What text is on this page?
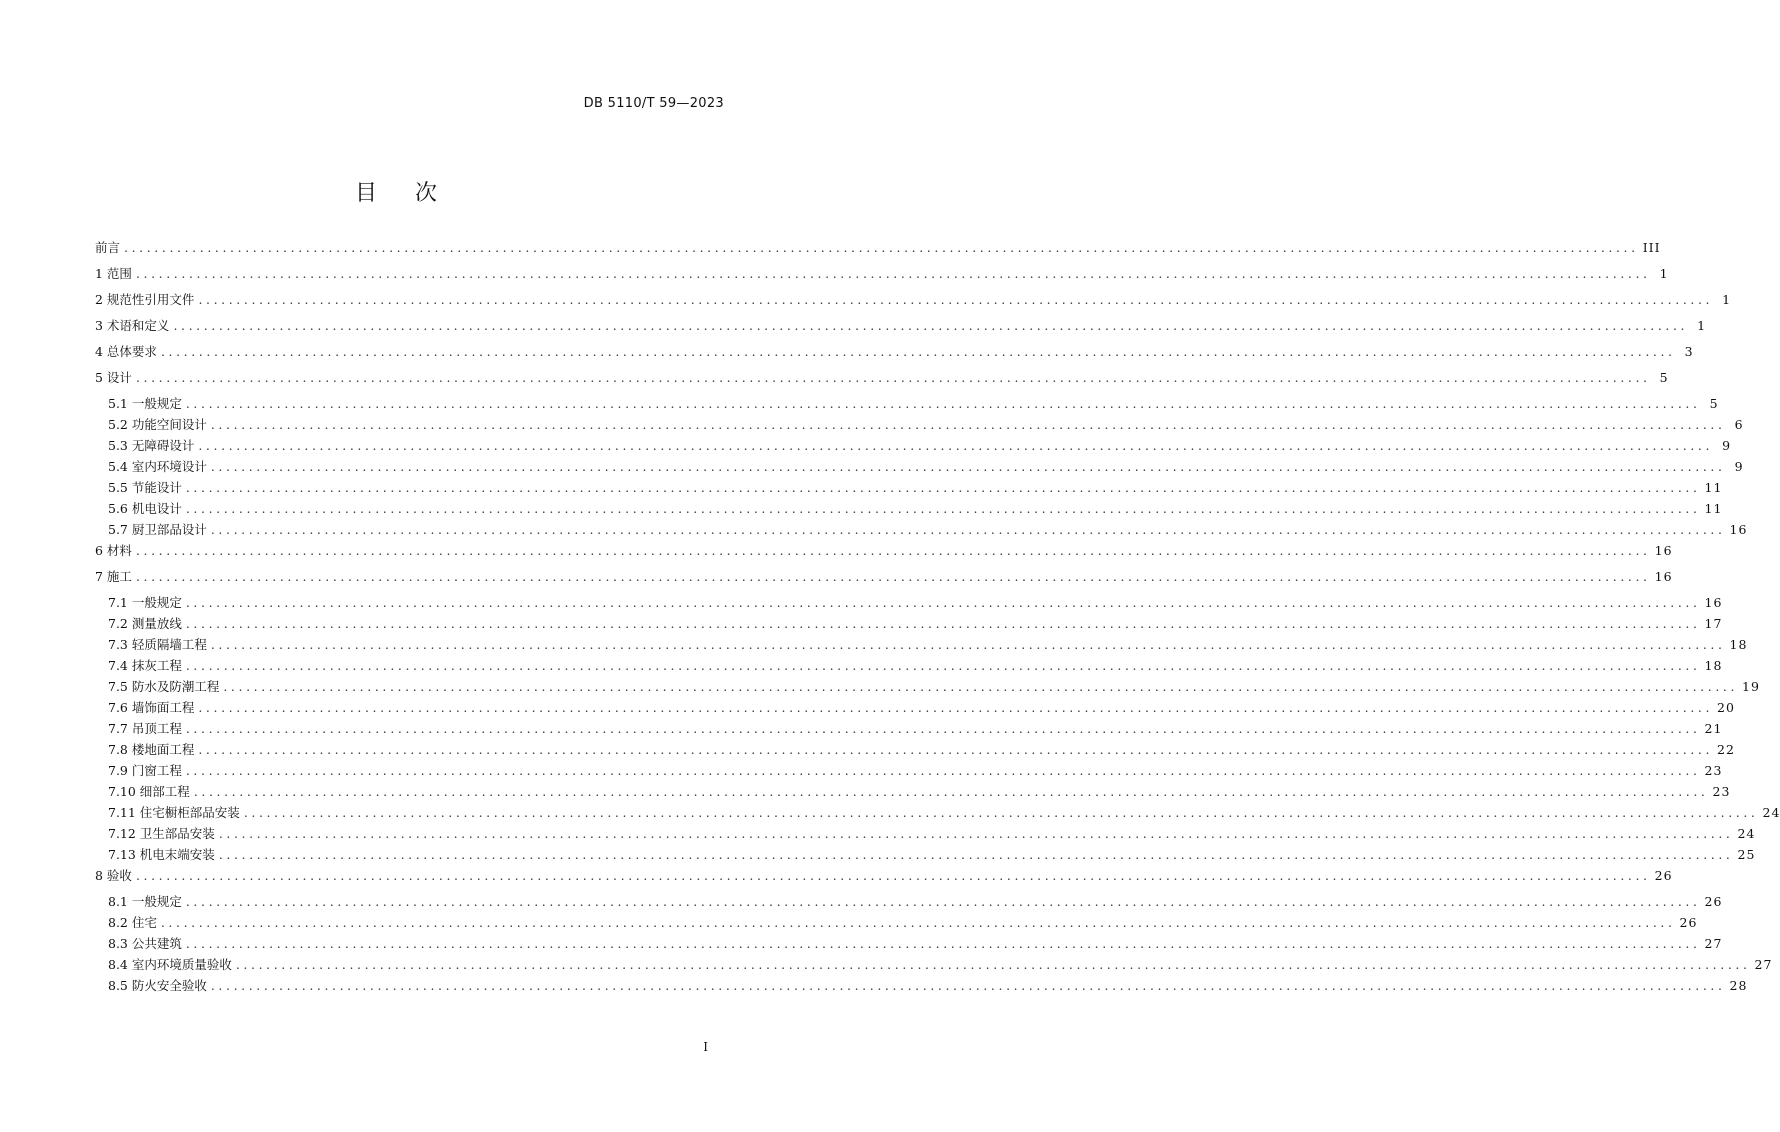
DB 5110/T 59—2023
目　次
前言 ........................................................................................................................................................................................................ III
1 范围 ........................................................................................................................................................................................................ 1
2 规范性引用文件 ........................................................................................................................................................................................................ 1
3 术语和定义 ........................................................................................................................................................................................................ 1
4 总体要求 ........................................................................................................................................................................................................ 3
5 设计 ........................................................................................................................................................................................................ 5
5.1 一般规定 ........................................................................................................................................................................................................ 5
5.2 功能空间设计 ........................................................................................................................................................................................................ 6
5.3 无障碍设计 ........................................................................................................................................................................................................ 9
5.4 室内环境设计 ........................................................................................................................................................................................................ 9
5.5 节能设计 ........................................................................................................................................................................................................ 11
5.6 机电设计 ........................................................................................................................................................................................................ 11
5.7 厨卫部品设计 ........................................................................................................................................................................................................ 16
6 材料 ........................................................................................................................................................................................................ 16
7 施工 ........................................................................................................................................................................................................ 16
7.1 一般规定 ........................................................................................................................................................................................................ 16
7.2 测量放线 ........................................................................................................................................................................................................ 17
7.3 轻质隔墙工程 ........................................................................................................................................................................................................ 18
7.4 抹灰工程 ........................................................................................................................................................................................................ 18
7.5 防水及防潮工程 ........................................................................................................................................................................................................ 19
7.6 墙饰面工程 ........................................................................................................................................................................................................ 20
7.7 吊顶工程 ........................................................................................................................................................................................................ 21
7.8 楼地面工程 ........................................................................................................................................................................................................ 22
7.9 门窗工程 ........................................................................................................................................................................................................ 23
7.10 细部工程 ........................................................................................................................................................................................................ 23
7.11 住宅橱柜部品安装 ........................................................................................................................................................................................................ 24
7.12 卫生部品安装 ........................................................................................................................................................................................................ 24
7.13 机电末端安装 ........................................................................................................................................................................................................ 25
8 验收 ........................................................................................................................................................................................................ 26
8.1 一般规定 ........................................................................................................................................................................................................ 26
8.2 住宅 ........................................................................................................................................................................................................ 26
8.3 公共建筑 ........................................................................................................................................................................................................ 27
8.4 室内环境质量验收 ........................................................................................................................................................................................................ 27
8.5 防火安全验收 ........................................................................................................................................................................................................ 28
I
